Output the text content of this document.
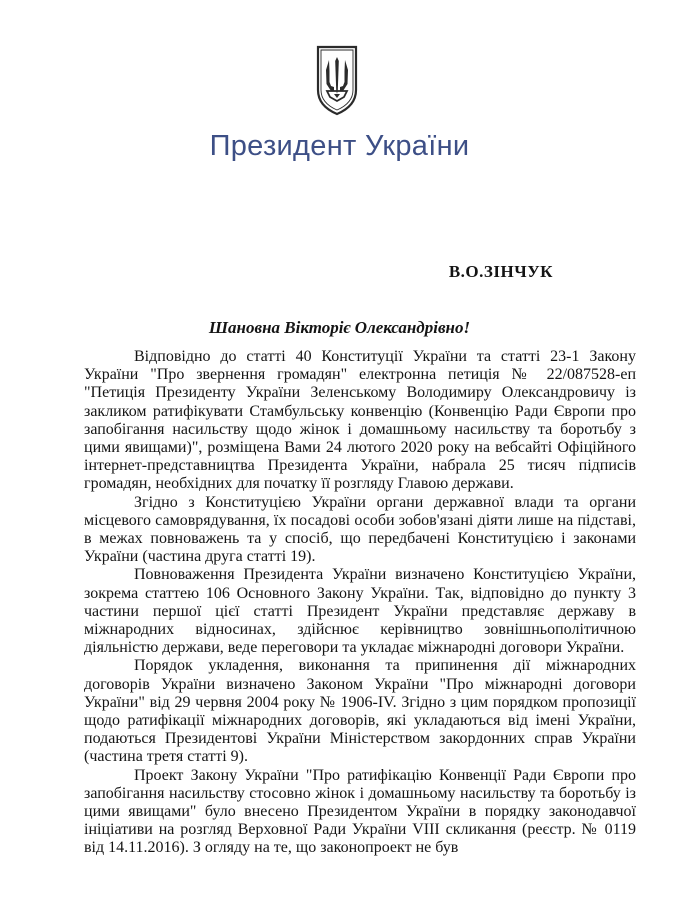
Президент України
В.О.ЗІНЧУК
Шановна Вікторіє Олександрівно!

Відповідно до статті 40 Конституції України та статті 23-1 Закону України "Про звернення громадян" електронна петиція № 22/087528-еп "Петиція Президенту України Зеленському Володимиру Олександровичу із закликом ратифікувати Стамбульську конвенцію (Конвенцію Ради Європи про запобігання насильству щодо жінок і домашньому насильству та боротьбу з цими явищами)", розміщена Вами 24 лютого 2020 року на вебсайті Офіційного інтернет-представництва Президента України, набрала 25 тисяч підписів громадян, необхідних для початку її розгляду Главою держави.

Згідно з Конституцією України органи державної влади та органи місцевого самоврядування, їх посадові особи зобов'язані діяти лише на підставі, в межах повноважень та у спосіб, що передбачені Конституцією і законами України (частина друга статті 19).

Повноваження Президента України визначено Конституцією України, зокрема статтею 106 Основного Закону України. Так, відповідно до пункту 3 частини першої цієї статті Президент України представляє державу в міжнародних відносинах, здійснює керівництво зовнішньополітичною діяльністю держави, веде переговори та укладає міжнародні договори України.

Порядок укладення, виконання та припинення дії міжнародних договорів України визначено Законом України "Про міжнародні договори України" від 29 червня 2004 року № 1906-IV. Згідно з цим порядком пропозиції щодо ратифікації міжнародних договорів, які укладаються від імені України, подаються Президентові України Міністерством закордонних справ України (частина третя статті 9).

Проект Закону України "Про ратифікацію Конвенції Ради Європи про запобігання насильству стосовно жінок і домашньому насильству та боротьбу із цими явищами" було внесено Президентом України в порядку законодавчої ініціативи на розгляд Верховної Ради України VIII скликання (реєстр. № 0119 від 14.11.2016). З огляду на те, що законопроект не був
